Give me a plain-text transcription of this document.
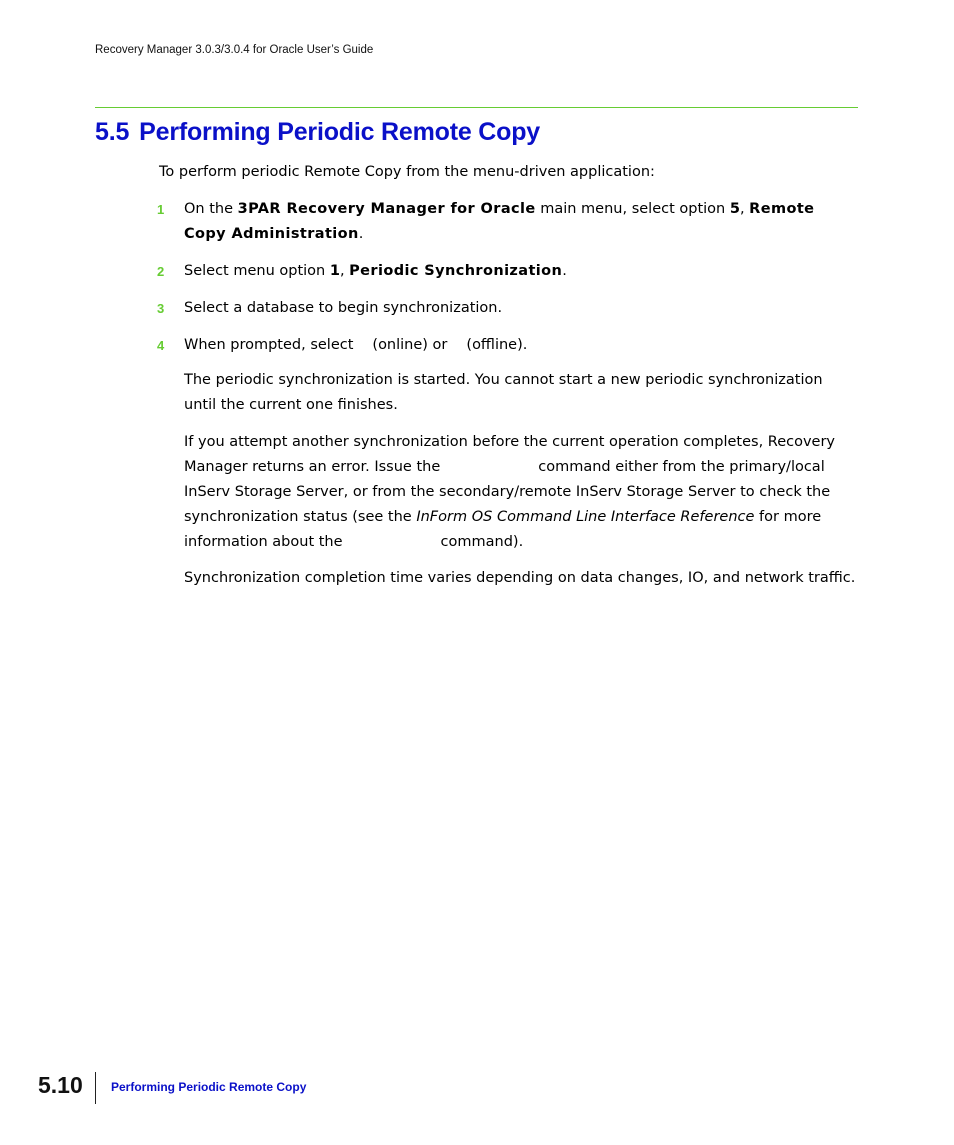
Recovery Manager 3.0.3/3.0.4 for Oracle User’s Guide
5.5 Performing Periodic Remote Copy

To perform periodic Remote Copy from the menu-driven application:

1 On the 3PAR Recovery Manager for Oracle main menu, select option 5, Remote Copy Administration.
2 Select menu option 1, Periodic Synchronization.
3 Select a database to begin synchronization.
4 When prompted, select (online) or (offline).

The periodic synchronization is started. You cannot start a new periodic synchronization until the current one finishes.

If you attempt another synchronization before the current operation completes, Recovery Manager returns an error. Issue the	command either from the primary/local InServ Storage Server, or from the secondary/remote InServ Storage Server to check the synchronization status (see the InForm OS Command Line Interface Reference for more information about the	command).

Synchronization completion time varies depending on data changes, IO, and network traffic.

5.10 Performing Periodic Remote Copy
